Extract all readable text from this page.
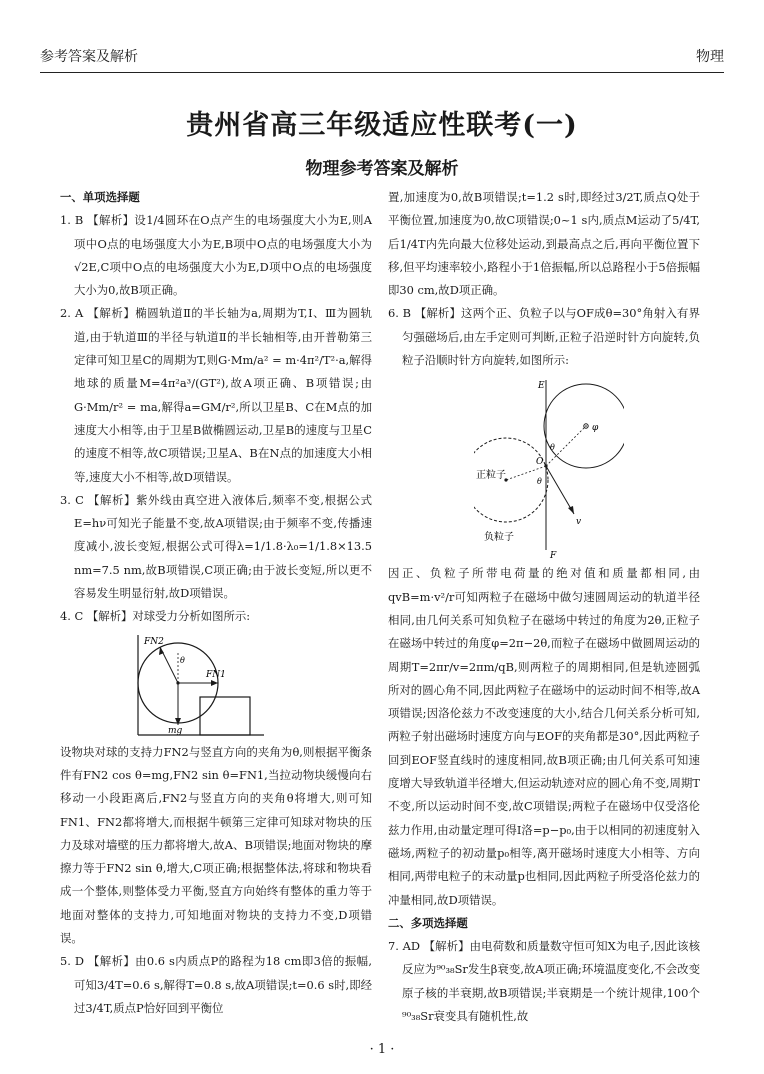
参考答案及解析	物理
贵州省高三年级适应性联考(一)
物理参考答案及解析

一、单项选择题

1. B 【解析】设1/4圆环在O点产生的电场强度大小为E,则A项中O点的电场强度大小为E,B项中O点的电场强度大小为√2E,C项中O点的电场强度大小为E,D项中O点的电场强度大小为0,故B项正确。

2. A 【解析】椭圆轨道Ⅱ的半长轴为a,周期为T,Ⅰ、Ⅲ为圆轨道,由于轨道Ⅲ的半径与轨道Ⅱ的半长轴相等,由开普勒第三定律可知卫星C的周期为T,则G·Mm/a² = m·4π²/T²·a,解得地球的质量M=4π²a³/(GT²),故A项正确、B项错误;由G·Mm/r² = ma,解得a=GM/r²,所以卫星B、C在M点的加速度大小相等,由于卫星B做椭圆运动,卫星B的速度与卫星C的速度不相等,故C项错误;卫星A、B在N点的加速度大小相等,速度大小不相等,故D项错误。

3. C 【解析】紫外线由真空进入液体后,频率不变,根据公式E=hν可知光子能量不变,故A项错误;由于频率不变,传播速度减小,波长变短,根据公式可得λ=1/1.8·λ₀=1/1.8×13.5 nm=7.5 nm,故B项错误,C项正确;由于波长变短,所以更不容易发生明显衍射,故D项错误。

4. C 【解析】对球受力分析如图所示:

FN2
θ
FN1
mg

设物块对球的支持力FN2与竖直方向的夹角为θ,则根据平衡条件有FN2 cos θ=mg,FN2 sin θ=FN1,当拉动物块缓慢向右移动一小段距离后,FN2与竖直方向的夹角θ将增大,则可知FN1、FN2都将增大,而根据牛顿第三定律可知球对物块的压力及球对墙壁的压力都将增大,故A、B项错误;地面对物块的摩擦力等于FN2 sin θ,增大,C项正确;根据整体法,将球和物块看成一个整体,则整体受力平衡,竖直方向始终有整体的重力等于地面对整体的支持力,可知地面对物块的支持力不变,D项错误。

5. D 【解析】由0.6 s内质点P的路程为18 cm即3倍的振幅,可知3/4T=0.6 s,解得T=0.8 s,故A项错误;t=0.6 s时,即经过3/4T,质点P恰好回到平衡位

置,加速度为0,故B项错误;t=1.2 s时,即经过3/2T,质点Q处于平衡位置,加速度为0,故C项错误;0~1 s内,质点M运动了5/4T,后1/4T内先向最大位移处运动,到最高点之后,再向平衡位置下移,但平均速率较小,路程小于1倍振幅,所以总路程小于5倍振幅即30 cm,故D项正确。

6. B 【解析】这两个正、负粒子以与OF成θ=30°角射入有界匀强磁场后,由左手定则可判断,正粒子沿逆时针方向旋转,负粒子沿顺时针方向旋转,如图所示:

E
F
O
φ
θ
θ
v
正粒子
负粒子

因正、负粒子所带电荷量的绝对值和质量都相同,由qvB=m·v²/r可知两粒子在磁场中做匀速圆周运动的轨道半径相同,由几何关系可知负粒子在磁场中转过的角度为2θ,正粒子在磁场中转过的角度φ=2π−2θ,而粒子在磁场中做圆周运动的周期T=2πr/v=2πm/qB,则两粒子的周期相同,但是轨迹圆弧所对的圆心角不同,因此两粒子在磁场中的运动时间不相等,故A项错误;因洛伦兹力不改变速度的大小,结合几何关系分析可知,两粒子射出磁场时速度方向与EOF的夹角都是30°,因此两粒子回到EOF竖直线时的速度相同,故B项正确;由几何关系可知速度增大导致轨道半径增大,但运动轨迹对应的圆心角不变,周期T不变,所以运动时间不变,故C项错误;两粒子在磁场中仅受洛伦兹力作用,由动量定理可得I洛=p−p₀,由于以相同的初速度射入磁场,两粒子的初动量p₀相等,离开磁场时速度大小相等、方向相同,两带电粒子的末动量p也相同,因此两粒子所受洛伦兹力的冲量相同,故D项错误。

二、多项选择题

7. AD 【解析】由电荷数和质量数守恒可知X为电子,因此该核反应为⁹⁰₃₈Sr发生β衰变,故A项正确;环境温度变化,不会改变原子核的半衰期,故B项错误;半衰期是一个统计规律,100个⁹⁰₃₈Sr衰变具有随机性,故

· 1 ·
